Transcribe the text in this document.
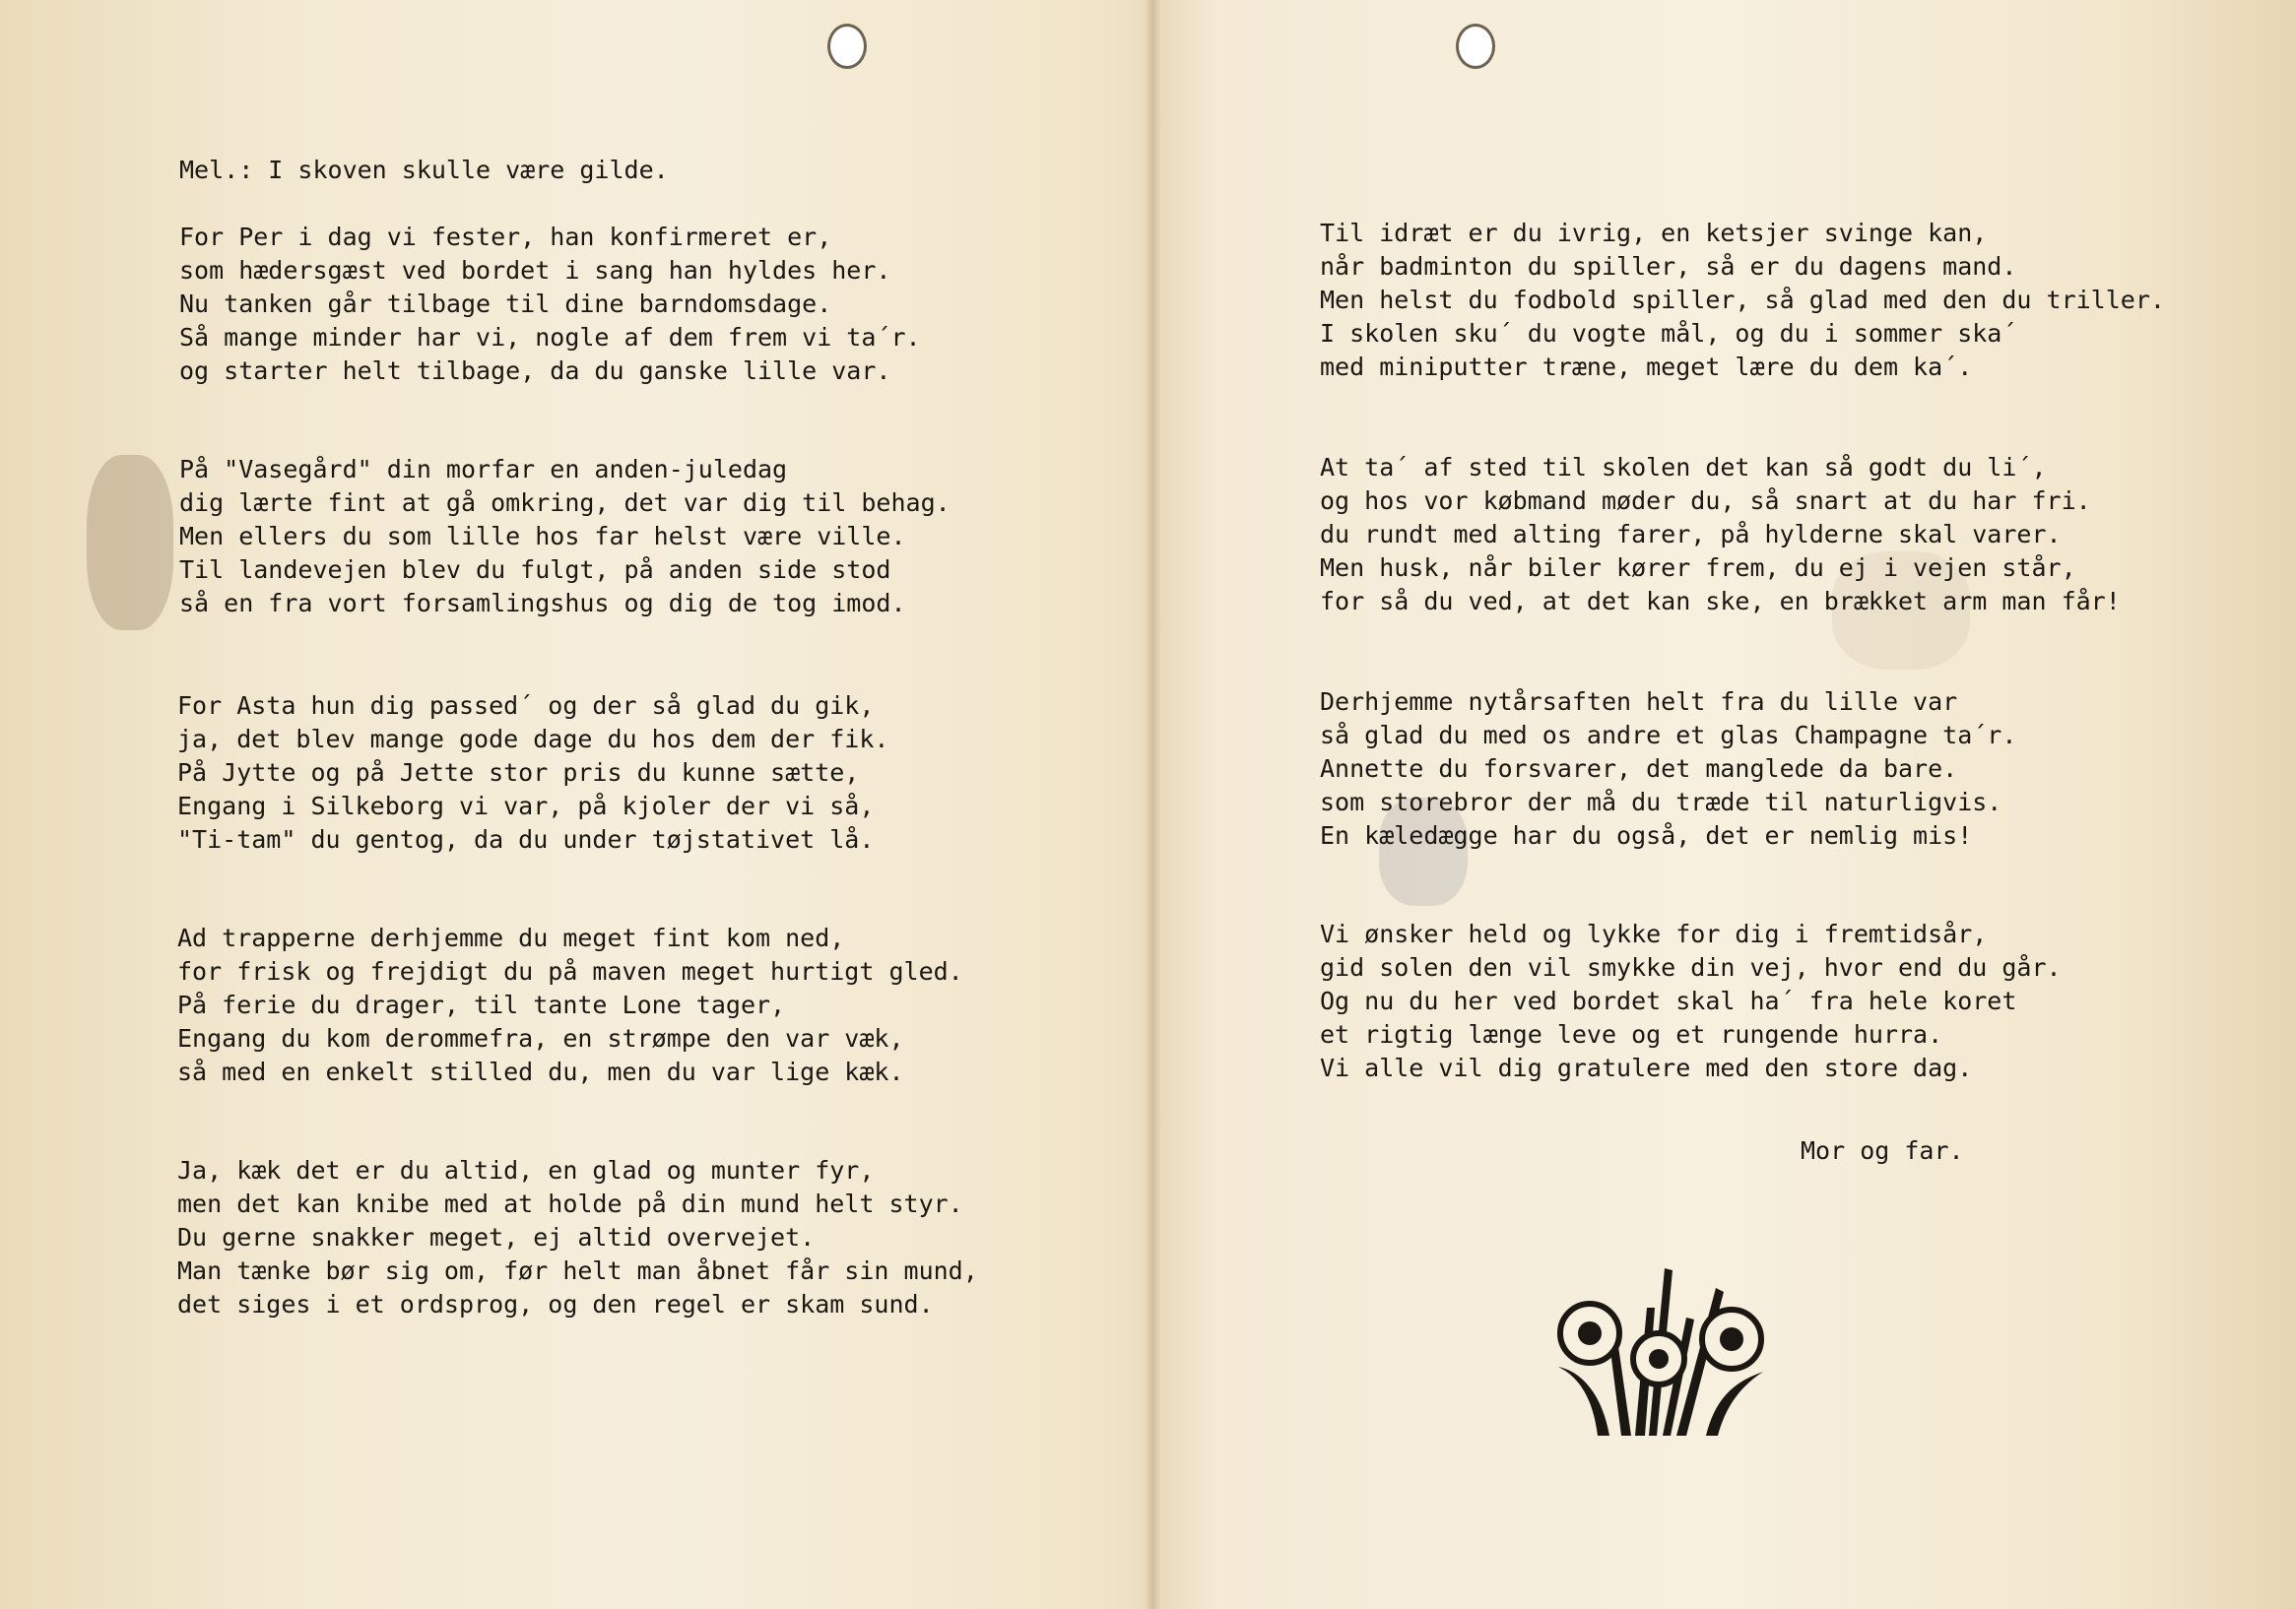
Mel.: I skoven skulle være gilde.
For Per i dag vi fester, han konfirmeret er,
som hædersgæst ved bordet i sang han hyldes her.
Nu tanken går tilbage til dine barndomsdage.
Så mange minder har vi, nogle af dem frem vi ta´r.
og starter helt tilbage, da du ganske lille var.
På "Vasegård" din morfar en anden-juledag
dig lærte fint at gå omkring, det var dig til behag.
Men ellers du som lille hos far helst være ville.
Til landevejen blev du fulgt, på anden side stod
så en fra vort forsamlingshus og dig de tog imod.
For Asta hun dig passed´ og der så glad du gik,
ja, det blev mange gode dage du hos dem der fik.
På Jytte og på Jette stor pris du kunne sætte,
Engang i Silkeborg vi var, på kjoler der vi så,
"Ti-tam" du gentog, da du under tøjstativet lå.
Ad trapperne derhjemme du meget fint kom ned,
for frisk og frejdigt du på maven meget hurtigt gled.
På ferie du drager, til tante Lone tager,
Engang du kom derommefra, en strømpe den var væk,
så med en enkelt stilled du, men du var lige kæk.
Ja, kæk det er du altid, en glad og munter fyr,
men det kan knibe med at holde på din mund helt styr.
Du gerne snakker meget, ej altid overvejet.
Man tænke bør sig om, før helt man åbnet får sin mund,
det siges i et ordsprog, og den regel er skam sund.
Til idræt er du ivrig, en ketsjer svinge kan,
når badminton du spiller, så er du dagens mand.
Men helst du fodbold spiller, så glad med den du triller.
I skolen sku´ du vogte mål, og du i sommer ska´
med miniputter træne, meget lære du dem ka´.
At ta´ af sted til skolen det kan så godt du li´,
og hos vor købmand møder du, så snart at du har fri.
du rundt med alting farer, på hylderne skal varer.
Men husk, når biler kører frem, du ej i vejen står,
for så du ved, at det kan ske, en brækket arm man får!
Derhjemme nytårsaften helt fra du lille var
så glad du med os andre et glas Champagne ta´r.
Annette du forsvarer, det manglede da bare.
som storebror der må du træde til naturligvis.
En kæledægge har du også, det er nemlig mis!
Vi ønsker held og lykke for dig i fremtidsår,
gid solen den vil smykke din vej, hvor end du går.
Og nu du her ved bordet skal ha´ fra hele koret
et rigtig længe leve og et rungende hurra.
Vi alle vil dig gratulere med den store dag.
Mor og far.
